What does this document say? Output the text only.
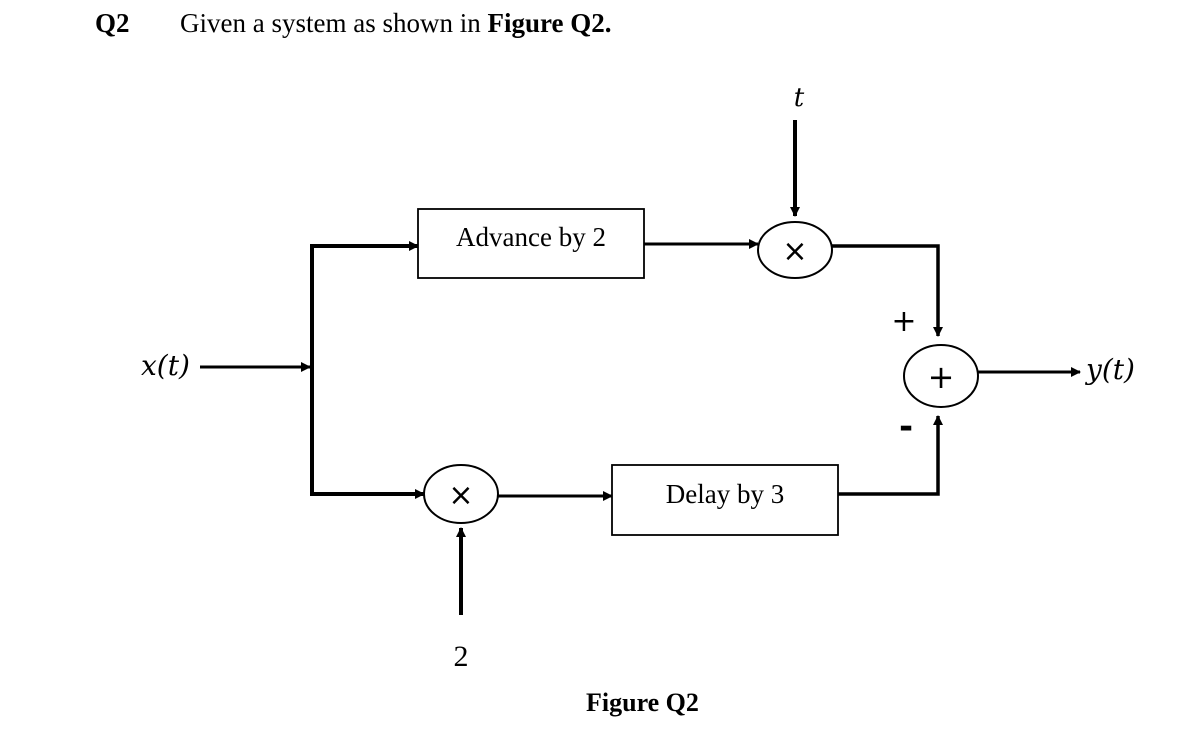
Q2 Given a system as shown in Figure Q2.
Advance by 2	×
t
+
+
-
×
2
Delay by 3
x(t)	y(t)
Figure Q2
